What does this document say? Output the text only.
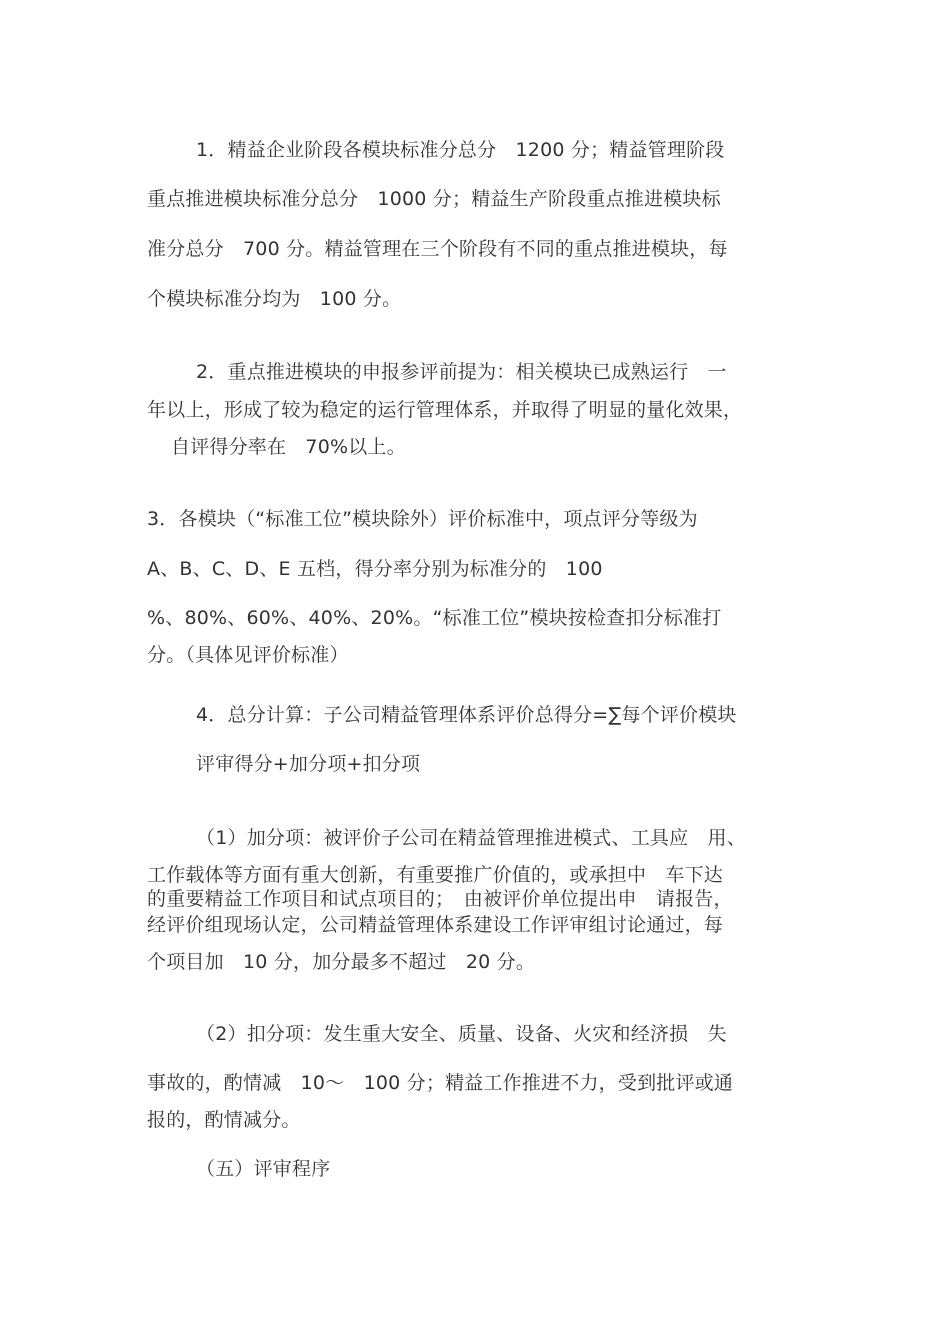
1．精益企业阶段各模块标准分总分　1200 分；精益管理阶段
重点推进模块标准分总分　1000 分；精益生产阶段重点推进模块标
准分总分　700 分。精益管理在三个阶段有不同的重点推进模块，每
个模块标准分均为　100 分。
2．重点推进模块的申报参评前提为：相关模块已成熟运行　一
年以上，形成了较为稳定的运行管理体系，并取得了明显的量化效果，
自评得分率在　70%以上。
3．各模块（“标准工位”模块除外）评价标准中，项点评分等级为
A、B、C、D、E 五档，得分率分别为标准分的　100
%、80%、60%、40%、20%。“标准工位”模块按检查扣分标准打
分。（具体见评价标准）
4．总分计算：子公司精益管理体系评价总得分=∑每个评价模块
评审得分+加分项+扣分项
（1）加分项：被评价子公司在精益管理推进模式、工具应　用、
工作载体等方面有重大创新，有重要推广价值的，或承担中　车下达
的重要精益工作项目和试点项目的；　由被评价单位提出申　请报告，
经评价组现场认定，公司精益管理体系建设工作评审组讨论通过，每
个项目加　10 分，加分最多不超过　20 分。
（2）扣分项：发生重大安全、质量、设备、火灾和经济损　失
事故的，酌情减　10～　100 分；精益工作推进不力，受到批评或通
报的，酌情减分。
（五）评审程序
